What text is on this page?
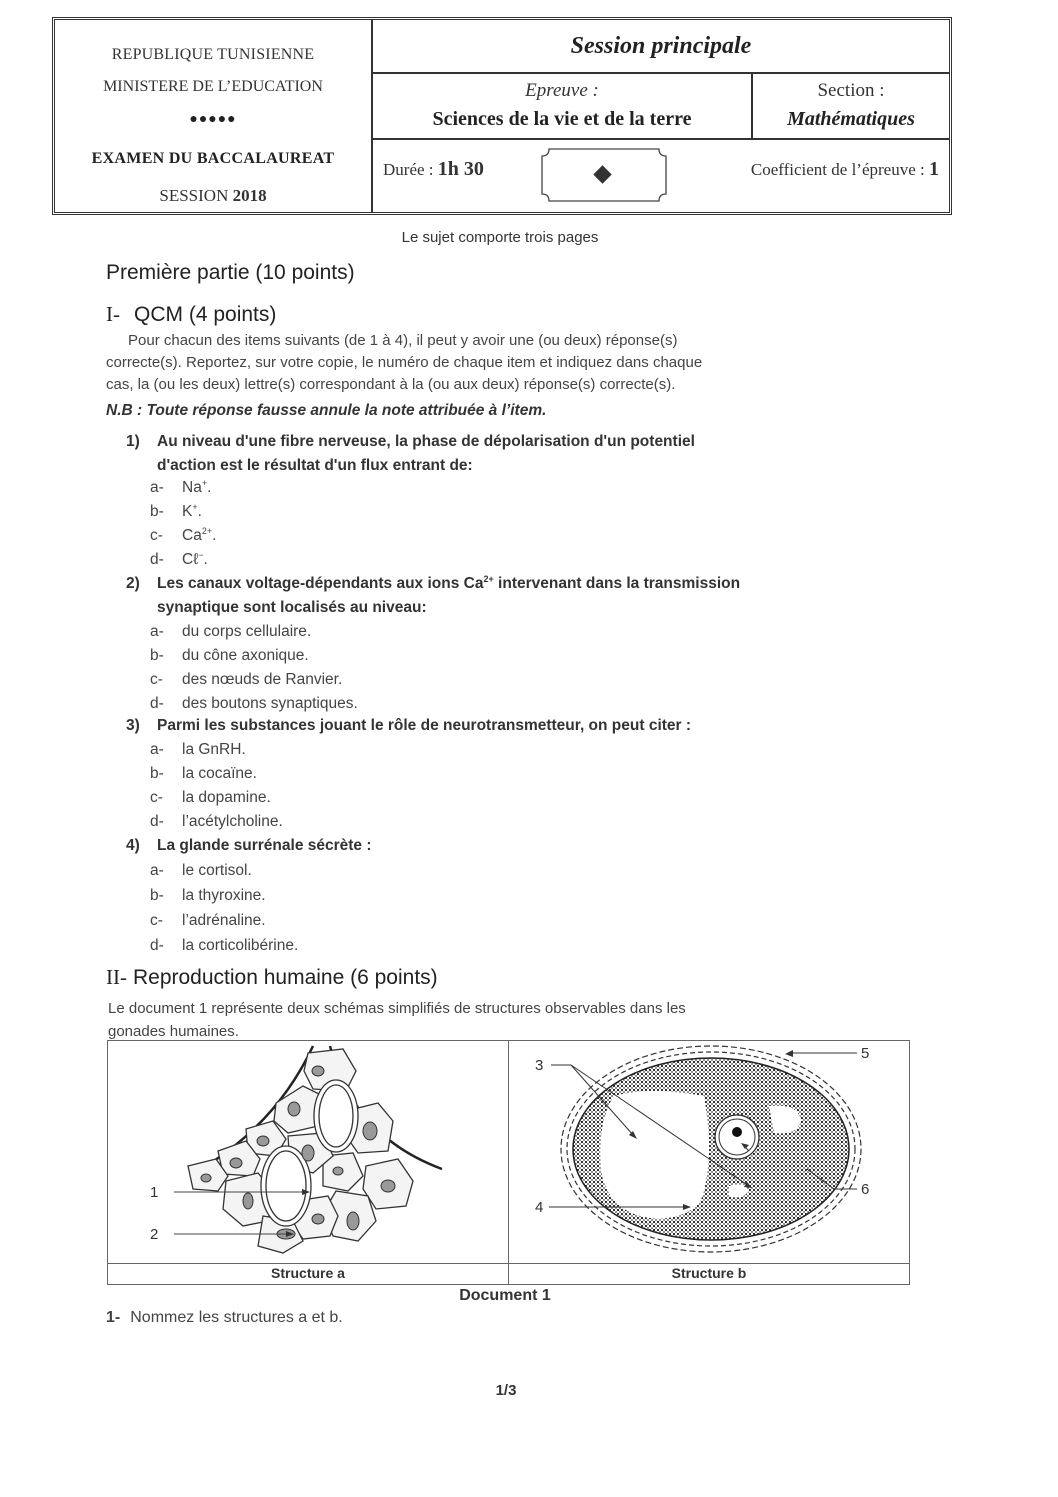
REPUBLIQUE TUNISIENNE
MINISTERE DE L’EDUCATION
●●●●●
EXAMEN DU BACCALAUREAT
SESSION 2018
Session principale
Epreuve :
Sciences de la vie et de la terre
Section :
Mathématiques
Durée : 1h 30	Coefficient de l’épreuve : 1
Le sujet comporte trois pages
Première partie (10 points)
I- QCM (4 points)
Pour chacun des items suivants (de 1 à 4), il peut y avoir une (ou deux) réponse(s)
correcte(s). Reportez, sur votre copie, le numéro de chaque item et indiquez dans chaque
cas, la (ou les deux) lettre(s) correspondant à la (ou aux deux) réponse(s) correcte(s).
N.B : Toute réponse fausse annule la note attribuée à l’item.
1) Au niveau d'une fibre nerveuse, la phase de dépolarisation d'un potentiel
d'action est le résultat d'un flux entrant de:
a- Na+.
b- K+.
c- $Ca^{2+}$.
d- Cℓ−.
2) Les canaux voltage-dépendants aux ions $Ca^{2+}$ intervenant dans la transmission
synaptique sont localisés au niveau:
a- du corps cellulaire.
b- du cône axonique.
c- des nœuds de Ranvier.
d- des boutons synaptiques.
3) Parmi les substances jouant le rôle de neurotransmetteur, on peut citer :
a- la GnRH.
b- la cocaïne.
c- la dopamine.
d- l’acétylcholine.
4) La glande surrénale sécrète :
a- le cortisol.
b- la thyroxine.
c- l’adrénaline.
d- la corticolibérine.
II- Reproduction humaine (6 points)
Le document 1 représente deux schémas simplifiés de structures observables dans les
gonades humaines.
1
2
3
4
5
6
Structure a	Structure b
Document 1
1- Nommez les structures a et b.
1/3
